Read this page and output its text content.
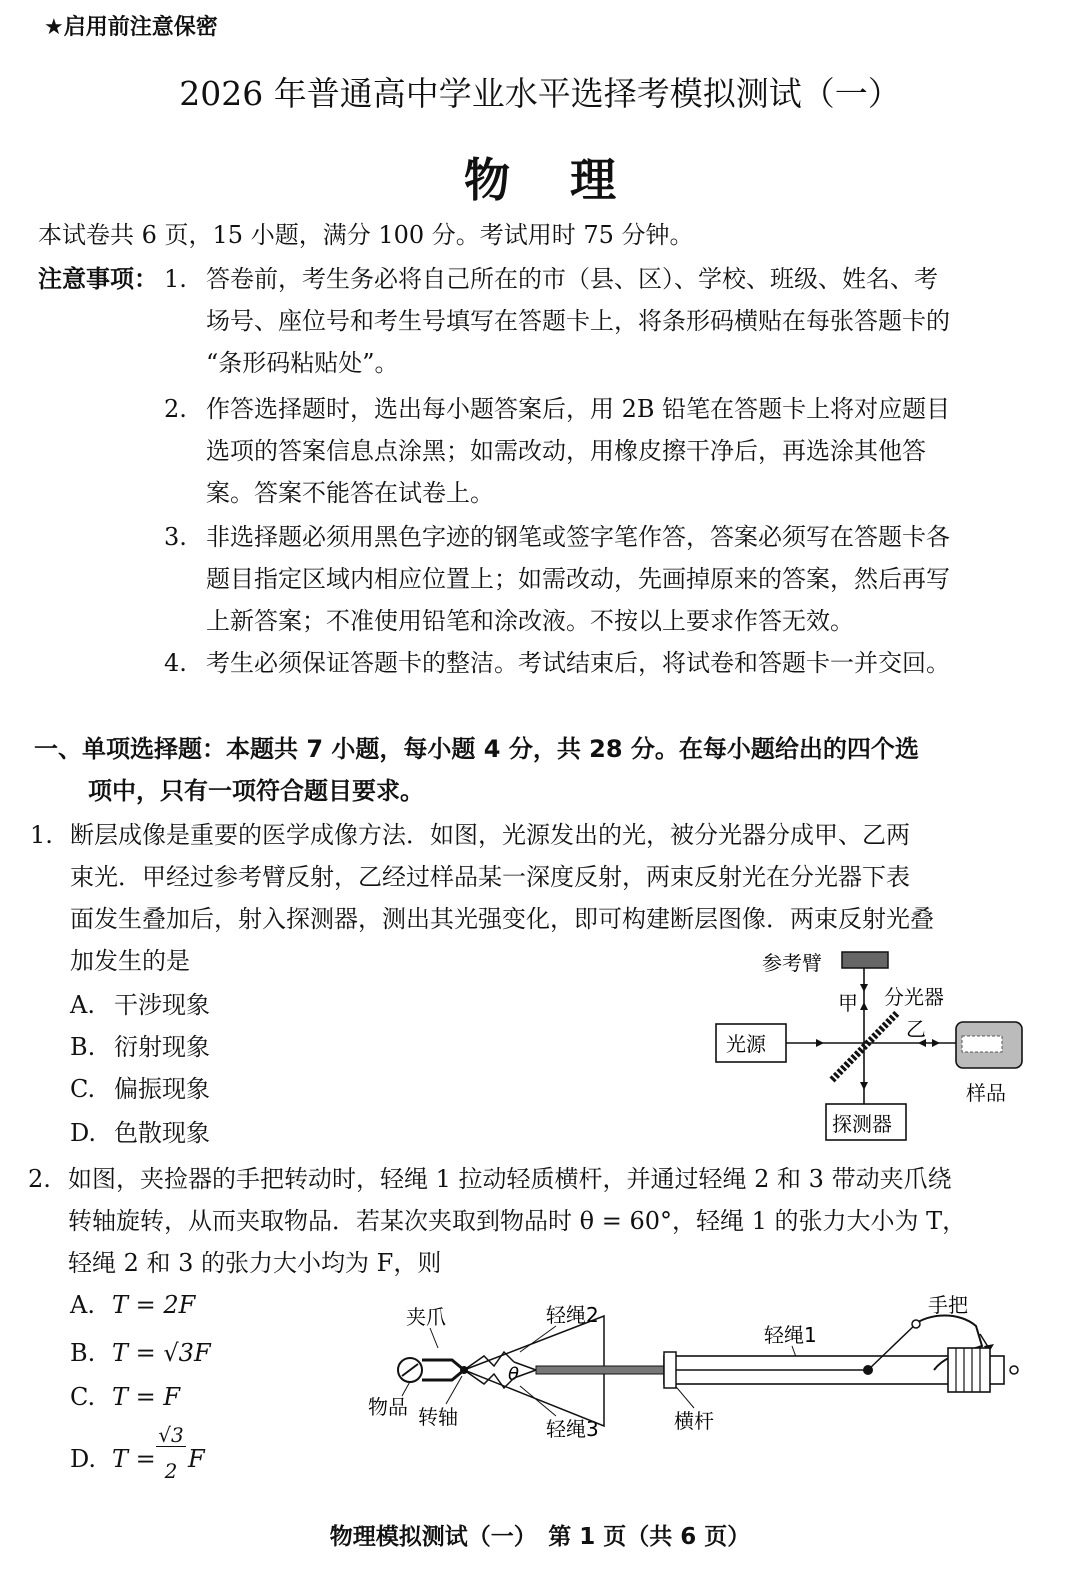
★启用前注意保密
2026 年普通高中学业水平选择考模拟测试（一）
物理
本试卷共 6 页，15 小题，满分 100 分。考试用时 75 分钟。
注意事项： 1. 答卷前，考生务必将自己所在的市（县、区）、学校、班级、姓名、考
场号、座位号和考生号填写在答题卡上，将条形码横贴在每张答题卡的
“条形码粘贴处”。
2. 作答选择题时，选出每小题答案后，用 2B 铅笔在答题卡上将对应题目
选项的答案信息点涂黑；如需改动，用橡皮擦干净后，再选涂其他答
案。答案不能答在试卷上。
3. 非选择题必须用黑色字迹的钢笔或签字笔作答，答案必须写在答题卡各
题目指定区域内相应位置上；如需改动，先画掉原来的答案，然后再写
上新答案；不准使用铅笔和涂改液。不按以上要求作答无效。
4. 考生必须保证答题卡的整洁。考试结束后，将试卷和答题卡一并交回。
一、单项选择题：本题共 7 小题，每小题 4 分，共 28 分。在每小题给出的四个选
项中，只有一项符合题目要求。
1. 断层成像是重要的医学成像方法．如图，光源发出的光，被分光器分成甲、乙两
束光．甲经过参考臂反射，乙经过样品某一深度反射，两束反射光在分光器下表
面发生叠加后，射入探测器，测出其光强变化，即可构建断层图像．两束反射光叠
加发生的是
A. 干涉现象
B. 衍射现象
C. 偏振现象
D. 色散现象
参考臂
甲 分光器
光源
乙
样品
探测器
2. 如图，夹捡器的手把转动时，轻绳 1 拉动轻质横杆，并通过轻绳 2 和 3 带动夹爪绕
转轴旋转，从而夹取物品．若某次夹取到物品时 θ = 60°，轻绳 1 的张力大小为 T，
轻绳 2 和 3 的张力大小均为 F，则
A. T = 2F
B. T = √3F
C. T = F
D. T =
√3
2 F
夹爪	轻绳2	手把
轻绳1
物品 转轴	轻绳3	横杆
θ
物理模拟测试（一）　第 1 页（共 6 页）
